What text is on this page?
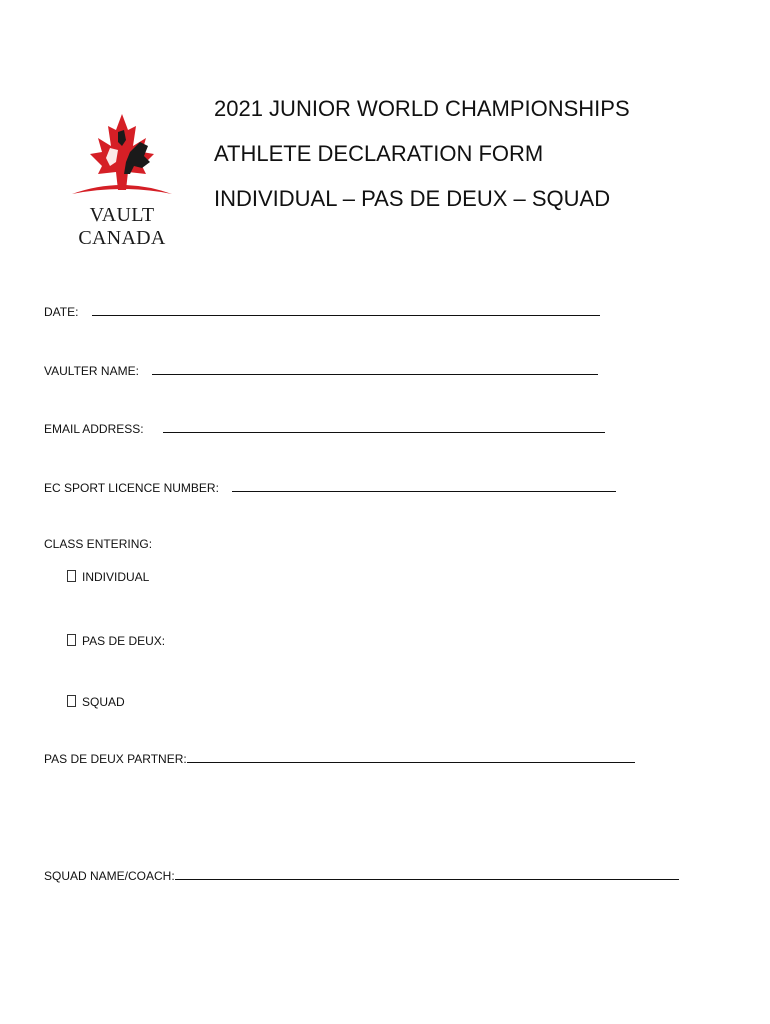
VAULT CANADA
2021 JUNIOR WORLD CHAMPIONSHIPS
ATHLETE DECLARATION FORM
INDIVIDUAL – PAS DE DEUX – SQUAD
DATE:
VAULTER NAME:
EMAIL ADDRESS:
EC SPORT LICENCE NUMBER:
CLASS ENTERING:
INDIVIDUAL
PAS DE DEUX:
SQUAD
PAS DE DEUX PARTNER:
SQUAD NAME/COACH:
